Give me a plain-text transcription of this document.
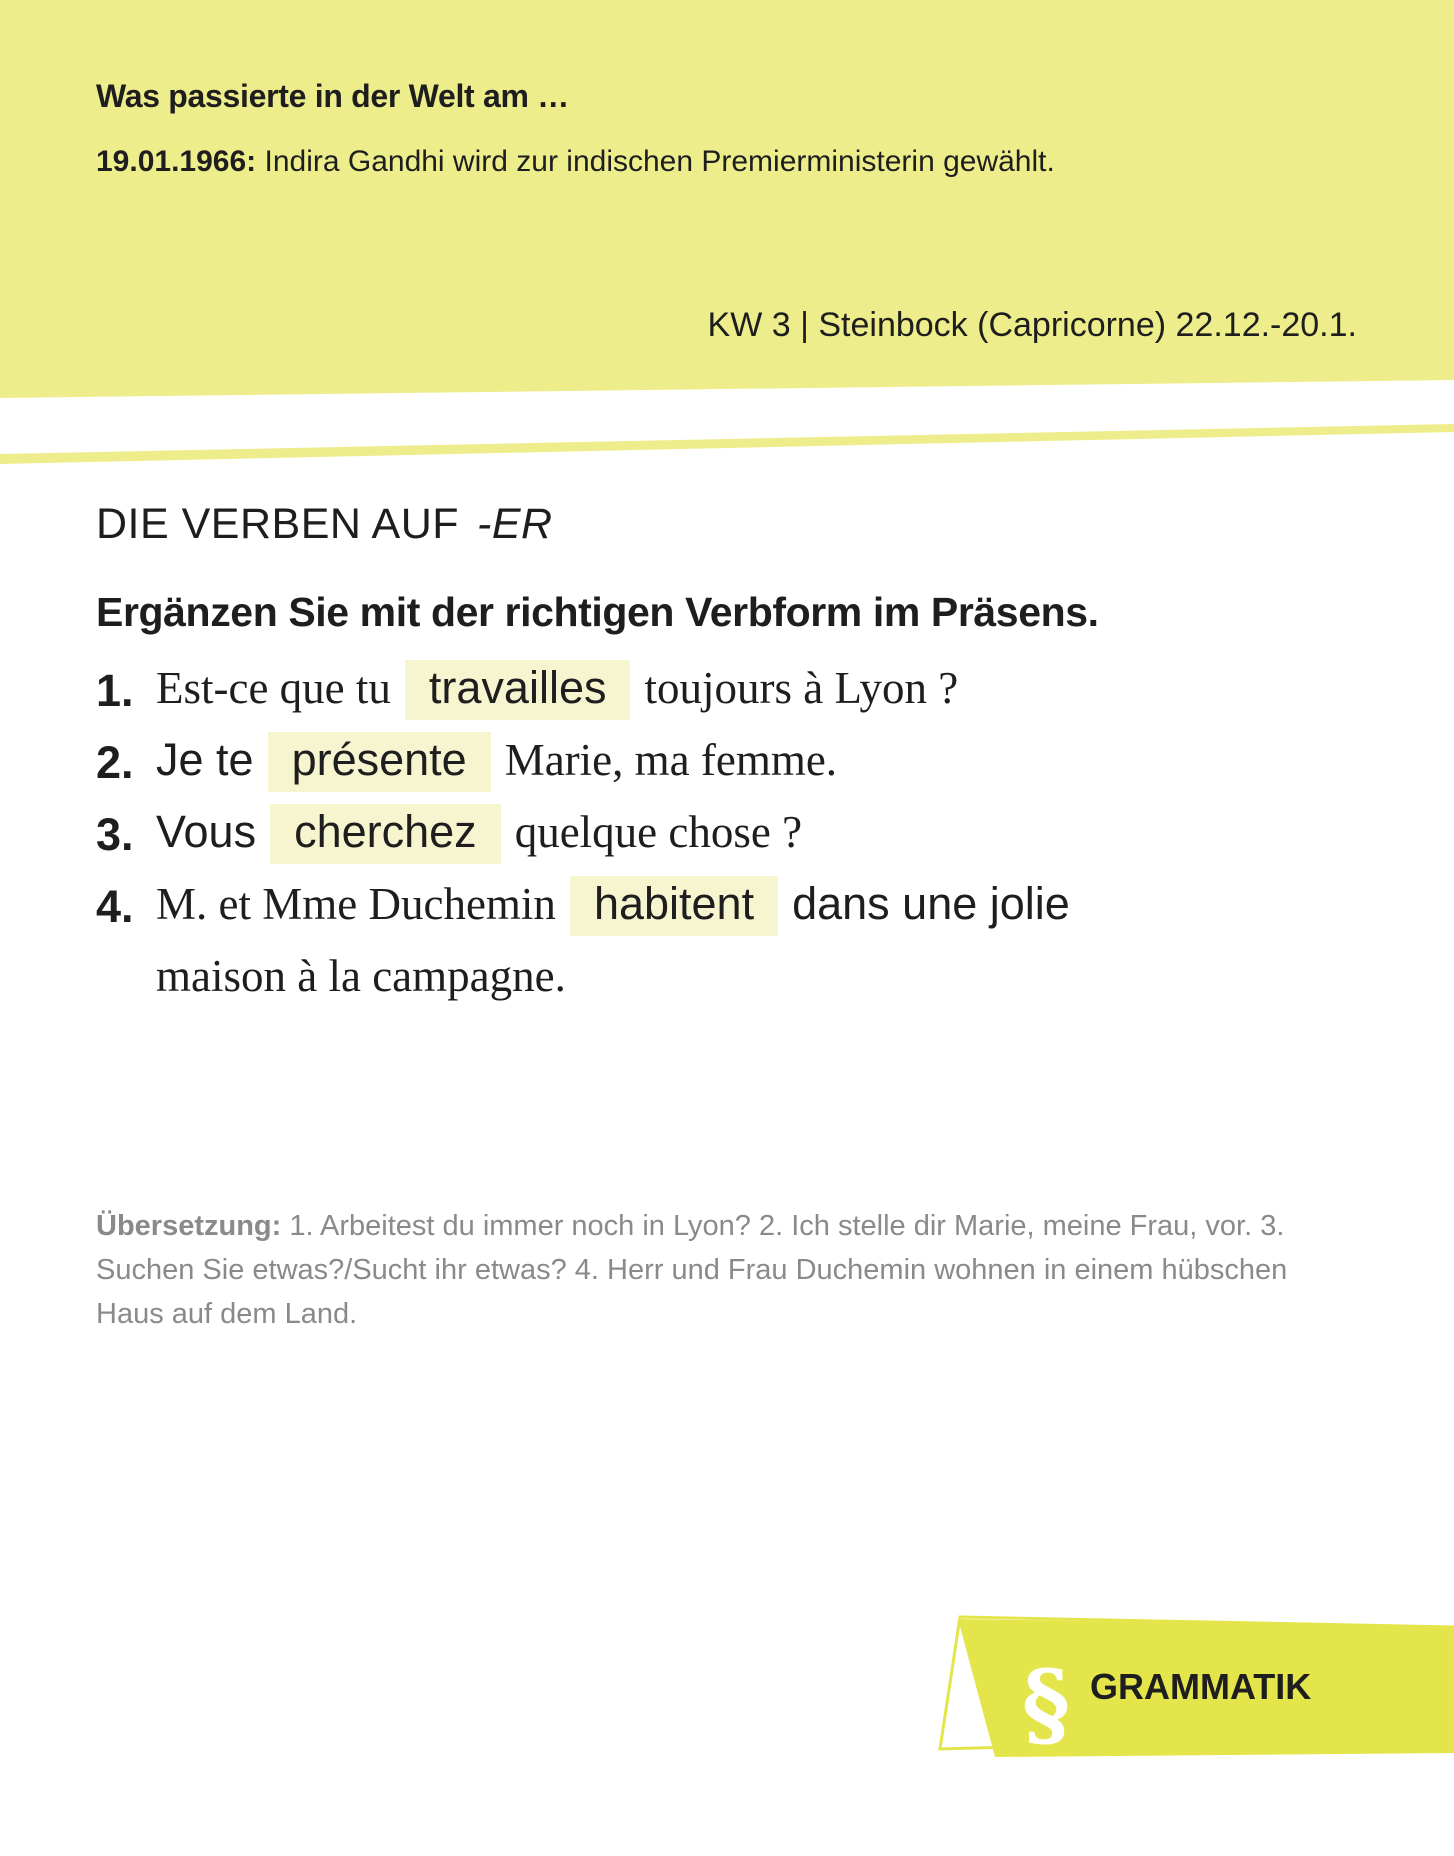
Was passierte in der Welt am …

19.01.1966: Indira Gandhi wird zur indischen Premierministerin gewählt.

KW 3 | Steinbock (Capricorne) 22.12.-20.1.

DIE VERBEN AUF -ER

Ergänzen Sie mit der richtigen Verbform im Präsens.

1. Est-ce que tu travailles toujours à Lyon ?
2. Je te présente Marie, ma femme.
3. Vous cherchez quelque chose ?
4. M. et Mme Duchemin habitent dans une jolie
maison à la campagne.

Übersetzung: 1. Arbeitest du immer noch in Lyon? 2. Ich stelle dir Marie, meine Frau, vor. 3. Suchen Sie etwas?/Sucht ihr etwas? 4. Herr und Frau Duchemin wohnen in einem hübschen Haus auf dem Land.

§ GRAMMATIK
